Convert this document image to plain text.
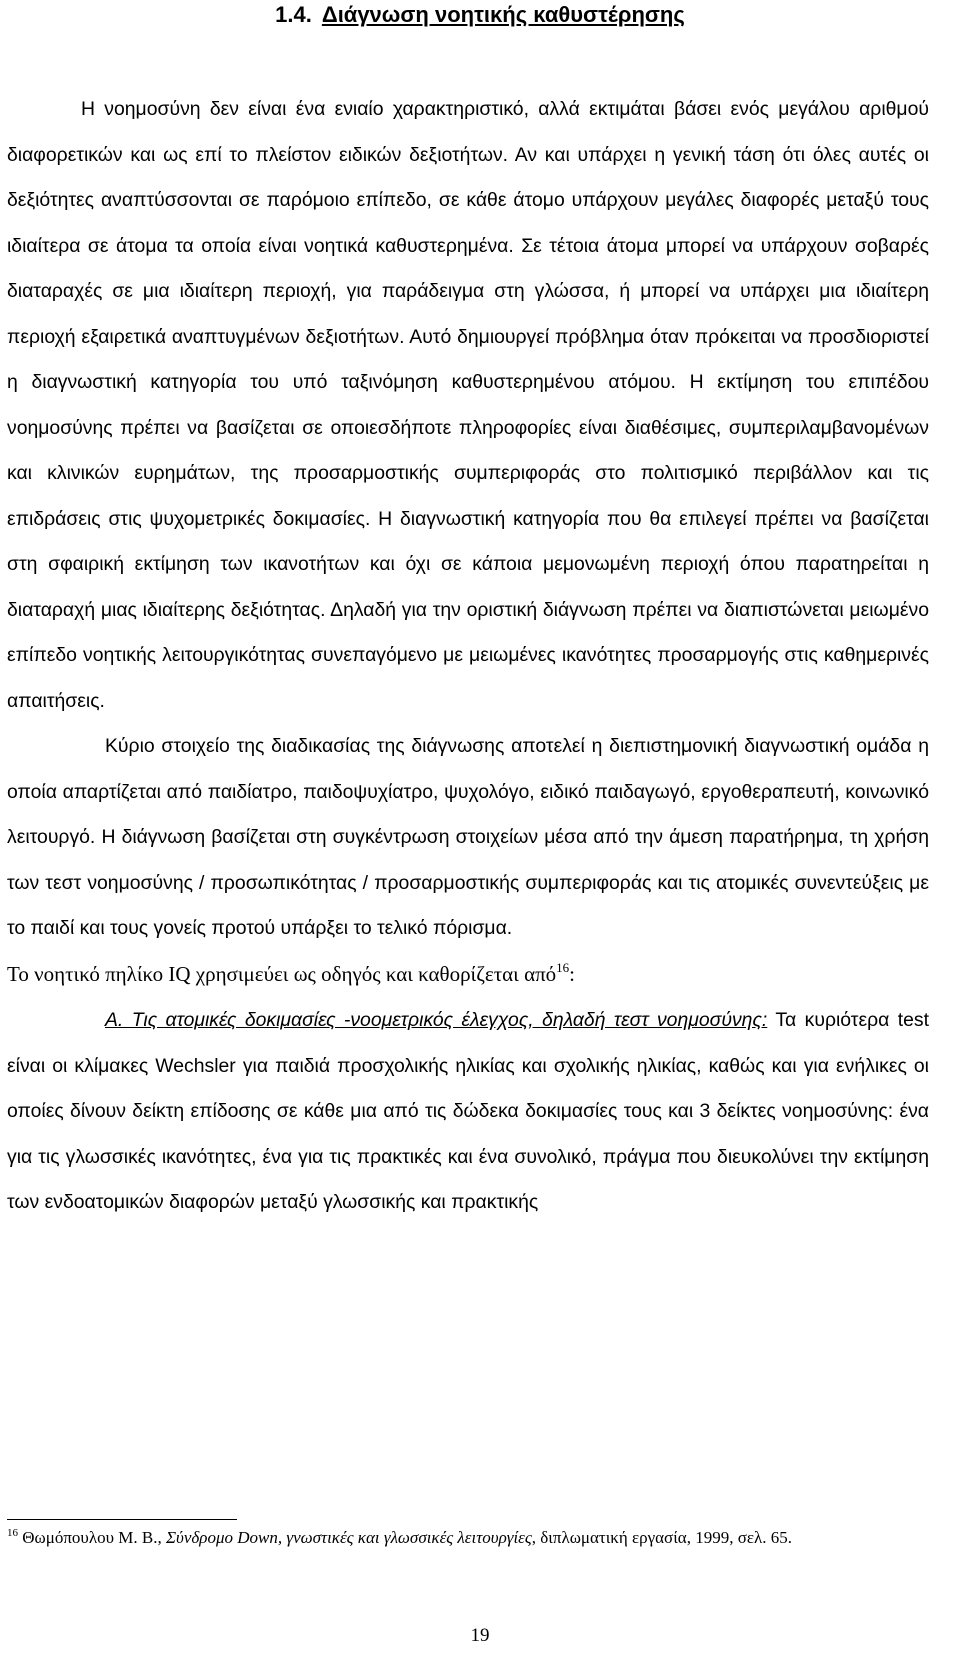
1.4. Διάγνωση νοητικής καθυστέρησης

Η νοημοσύνη δεν είναι ένα ενιαίο χαρακτηριστικό, αλλά εκτιμάται βάσει ενός μεγάλου αριθμού διαφορετικών και ως επί το πλείστον ειδικών δεξιοτήτων. Αν και υπάρχει η γενική τάση ότι όλες αυτές οι δεξιότητες αναπτύσσονται σε παρόμοιο επίπεδο, σε κάθε άτομο υπάρχουν μεγάλες διαφορές μεταξύ τους ιδιαίτερα σε άτομα τα οποία είναι νοητικά καθυστερημένα. Σε τέτοια άτομα μπορεί να υπάρχουν σοβαρές διαταραχές σε μια ιδιαίτερη περιοχή, για παράδειγμα στη γλώσσα, ή μπορεί να υπάρχει μια ιδιαίτερη περιοχή εξαιρετικά αναπτυγμένων δεξιοτήτων. Αυτό δημιουργεί πρόβλημα όταν πρόκειται να προσδιοριστεί η διαγνωστική κατηγορία του υπό ταξινόμηση καθυστερημένου ατόμου. Η εκτίμηση του επιπέδου νοημοσύνης πρέπει να βασίζεται σε οποιεσδήποτε πληροφορίες είναι διαθέσιμες, συμπεριλαμβανομένων και κλινικών ευρημάτων, της προσαρμοστικής συμπεριφοράς στο πολιτισμικό περιβάλλον και τις επιδράσεις στις ψυχομετρικές δοκιμασίες. Η διαγνωστική κατηγορία που θα επιλεγεί πρέπει να βασίζεται στη σφαιρική εκτίμηση των ικανοτήτων και όχι σε κάποια μεμονωμένη περιοχή όπου παρατηρείται η διαταραχή μιας ιδιαίτερης δεξιότητας. Δηλαδή για την οριστική διάγνωση πρέπει να διαπιστώνεται μειωμένο επίπεδο νοητικής λειτουργικότητας συνεπαγόμενο με μειωμένες ικανότητες προσαρμογής στις καθημερινές απαιτήσεις.

Κύριο στοιχείο της διαδικασίας της διάγνωσης αποτελεί η διεπιστημονική διαγνωστική ομάδα η οποία απαρτίζεται από παιδίατρο, παιδοψυχίατρο, ψυχολόγο, ειδικό παιδαγωγό, εργοθεραπευτή, κοινωνικό λειτουργό. Η διάγνωση βασίζεται στη συγκέντρωση στοιχείων μέσα από την άμεση παρατήρημα, τη χρήση των τεστ νοημοσύνης / προσωπικότητας / προσαρμοστικής συμπεριφοράς και τις ατομικές συνεντεύξεις με το παιδί και τους γονείς προτού υπάρξει το τελικό πόρισμα.

Το νοητικό πηλίκο IQ χρησιμεύει ως οδηγός και καθορίζεται από$^{16}$:

Α. Τις ατομικές δοκιμασίες -νοομετρικός έλεγχος, δηλαδή τεστ νοημοσύνης: Τα κυριότερα test είναι οι κλίμακες Wechsler για παιδιά προσχολικής ηλικίας και σχολικής ηλικίας, καθώς και για ενήλικες οι οποίες δίνουν δείκτη επίδοσης σε κάθε μια από τις δώδεκα δοκιμασίες τους και 3 δείκτες νοημοσύνης: ένα για τις γλωσσικές ικανότητες, ένα για τις πρακτικές και ένα συνολικό, πράγμα που διευκολύνει την εκτίμηση των ενδοατομικών διαφορών μεταξύ γλωσσικής και πρακτικής

$^{16}$ Θωμόπουλου Μ. Β., Σύνδρομο Down, γνωστικές και γλωσσικές λειτουργίες, διπλωματική εργασία, 1999, σελ. 65.

19
